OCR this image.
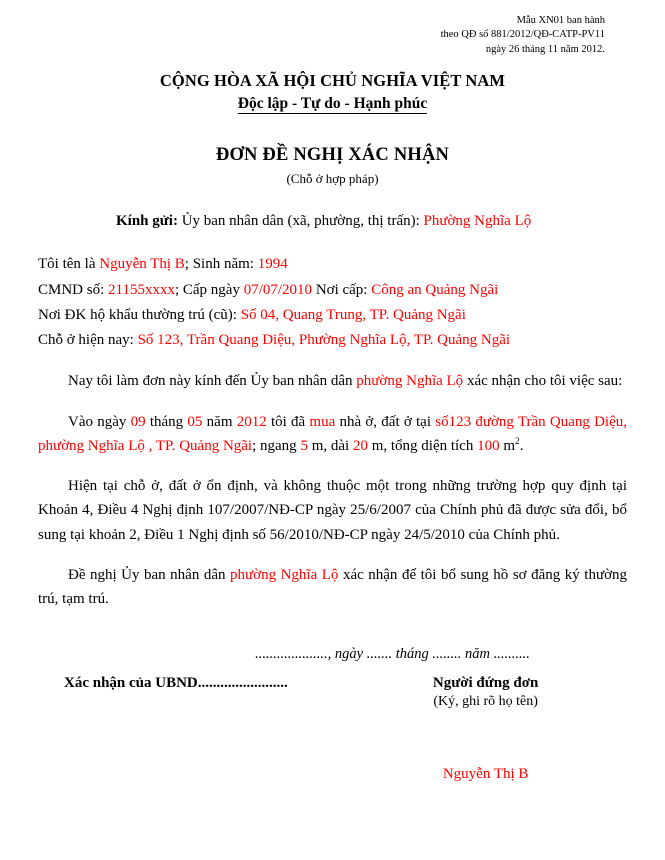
Mẫu XN01 ban hành
theo QĐ số 881/2012/QĐ-CATP-PV11
ngày 26 tháng 11 năm 2012.
CỘNG HÒA XÃ HỘI CHỦ NGHĨA VIỆT NAM
Độc lập - Tự do - Hạnh phúc
ĐƠN ĐỀ NGHỊ XÁC NHẬN
(Chỗ ở hợp pháp)
Kính gửi: Ủy ban nhân dân (xã, phường, thị trấn): Phường Nghĩa Lộ
Tôi tên là Nguyễn Thị B; Sinh năm: 1994
CMND số: 21155xxxx; Cấp ngày 07/07/2010 Nơi cấp: Công an Quảng Ngãi
Nơi ĐK hộ khẩu thường trú (cũ): Số 04, Quang Trung, TP. Quảng Ngãi
Chỗ ở hiện nay: Số 123, Trần Quang Diệu, Phường Nghĩa Lộ, TP. Quảng Ngãi
Nay tôi làm đơn này kính đến Ủy ban nhân dân phường Nghĩa Lộ xác nhận cho tôi việc sau:
Vào ngày 09 tháng 05 năm 2012 tôi đã mua nhà ở, đất ở tại số123 đường Trần Quang Diệu, phường Nghĩa Lộ , TP. Quảng Ngãi; ngang 5 m, dài 20 m, tổng diện tích 100 $m^2$.
Hiện tại chỗ ở, đất ở ổn định, và không thuộc một trong những trường hợp quy định tại Khoản 4, Điều 4 Nghị định 107/2007/NĐ-CP ngày 25/6/2007 của Chính phủ đã được sửa đổi, bổ sung tại khoản 2, Điều 1 Nghị định số 56/2010/NĐ-CP ngày 24/5/2010 của Chính phủ.
Đề nghị Ủy ban nhân dân phường Nghĩa Lộ xác nhận để tôi bổ sung hồ sơ đăng ký thường trú, tạm trú.
...................., ngày ....... tháng ........ năm ..........
Xác nhận của UBND........................	Người đứng đơn
(Ký, ghi rõ họ tên)
Nguyễn Thị B
